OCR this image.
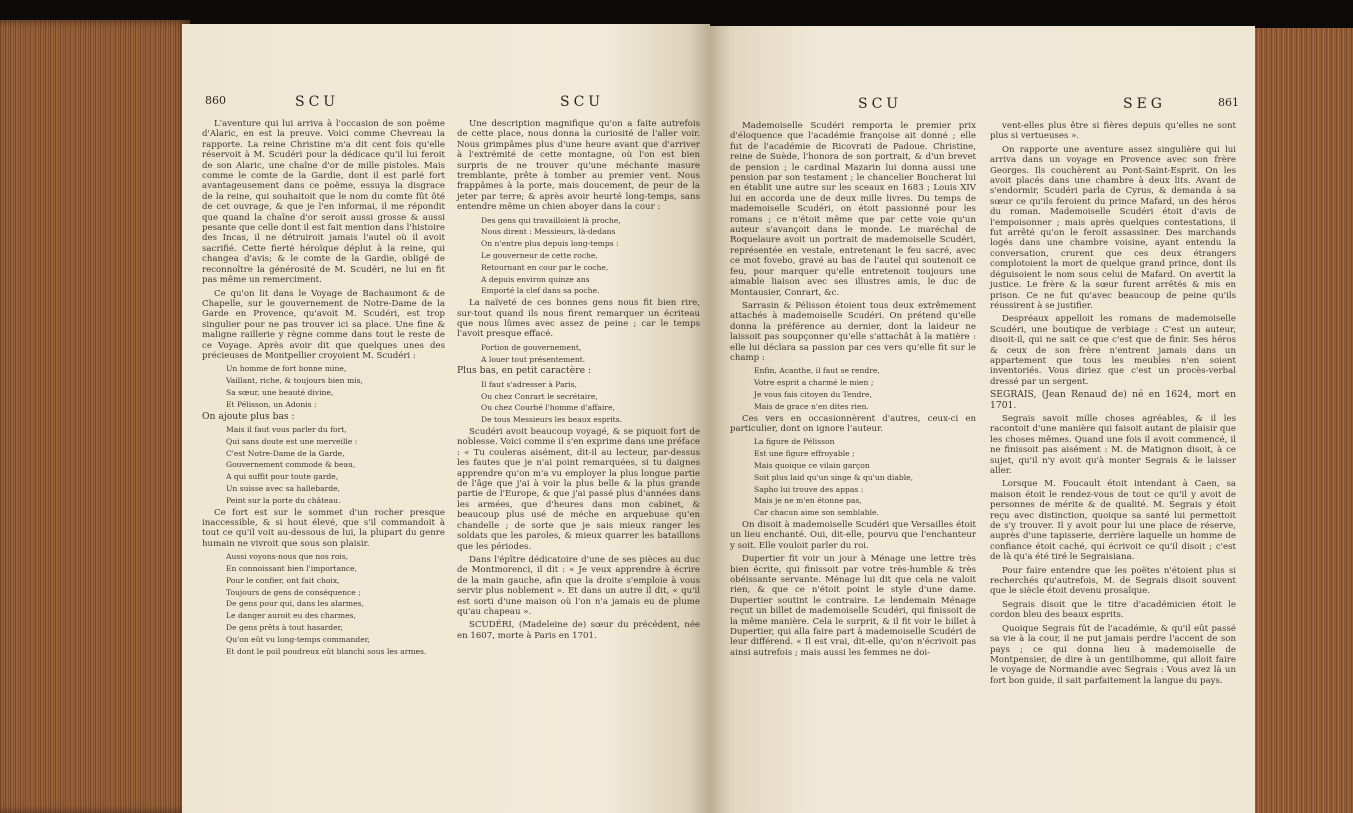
860	SCU	SCU

L'aventure qui lui arriva à l'occasion de son poëme d'Alaric, en est la preuve. Voici comme Chevreau la rapporte. La reine Christine m'a dit cent fois qu'elle réservoit à M. Scudéri pour la dédicace qu'il lui feroit de son Alaric, une chaîne d'or de mille pistoles. Mais comme le comte de la Gardie, dont il est parlé fort avantageusement dans ce poëme, essuya la disgrace de la reine, qui souhaitoit que le nom du comte fût ôté de cet ouvrage, & que je l'en informai, il me répondit que quand la chaîne d'or seroit aussi grosse & aussi pesante que celle dont il est fait mention dans l'histoire des Incas, il ne détruiroit jamais l'autel où il avoit sacrifié. Cette fierté héroïque déplut à la reine, qui changea d'avis; & le comte de la Gardie, obligé de reconnoître la générosité de M. Scudéri, ne lui en fit pas même un remerciment.

Ce qu'on lit dans le Voyage de Bachaumont & de Chapelle, sur le gouvernement de Notre-Dame de la Garde en Provence, qu'avoit M. Scudéri, est trop singulier pour ne pas trouver ici sa place. Une fine & maligne raillerie y règne comme dans tout le reste de ce Voyage. Après avoir dit que quelques unes des précieuses de Montpellier croyoient M. Scudéri :

Un homme de fort bonne mine,

Vaillant, riche, & toujours bien mis,

Sa sœur, une beauté divine,

Et Pélisson, un Adonis :

On ajoute plus bas :

Mais il faut vous parler du fort,

Qui sans doute est une merveille :

C'est Notre-Dame de la Garde,

Gouvernement commode & beau,

A qui suffit pour toute garde,

Un suisse avec sa hallebarde,

Peint sur la porte du château.

Ce fort est sur le sommet d'un rocher presque inaccessible, & si hout élevé, que s'il commandoit à tout ce qu'il voit au-dessous de lui, la plupart du genre humain ne vivroit que sous son plaisir.

Aussi voyons-nous que nos rois,

En connoissant bien l'importance,

Pour le confier, ont fait choix,

Toujours de gens de conséquence ;

De gens pour qui, dans les alarmes,

Le danger auroit eu des charmes,

De gens prêts à tout hasarder,

Qu'on eût vu long-temps commander,

Et dont le poil poudreux eût blanchi sous les armes.

Une description magnifique qu'on a faite autrefois de cette place, nous donna la curiosité de l'aller voir. Nous grimpâmes plus d'une heure avant que d'arriver à l'extrémité de cette montagne, où l'on est bien surpris de ne trouver qu'une méchante masure tremblante, prête à tomber au premier vent. Nous frappâmes à la porte, mais doucement, de peur de la jeter par terre; & après avoir heurté long-temps, sans entendre même un chien aboyer dans la cour :

Des gens qui travailloient là proche,

Nous dirent : Messieurs, là-dedans

On n'entre plus depuis long-temps :

Le gouverneur de cette roche,

Retournant en cour par le coche,

A depuis environ quinze ans

Emporté la clef dans sa poche.

La naïveté de ces bonnes gens nous fit bien rire, sur-tout quand ils nous firent remarquer un écriteau que nous lûmes avec assez de peine ; car le temps l'avoit presque effacé.

Portion de gouvernement,

A louer tout présentement.

Plus bas, en petit caractère :

Il faut s'adresser à Paris,

Ou chez Conrart le secrétaire,

Ou chez Courbé l'homme d'affaire,

De tous Messieurs les beaux esprits.

Scudéri avoit beaucoup voyagé, & se piquoit fort de noblesse. Voici comme il s'en exprime dans une préface : « Tu couleras aisément, dit-il au lecteur, par-dessus les fautes que je n'ai point remarquées, si tu daignes apprendre qu'on m'a vu employer la plus longue partie de l'âge que j'ai à voir la plus belle & la plus grande partie de l'Europe, & que j'ai passé plus d'années dans les armées, que d'heures dans mon cabinet, & beaucoup plus usé de méche en arquebuse qu'en chandelle ; de sorte que je sais mieux ranger les soldats que les paroles, & mieux quarrer les bataillons que les périodes.

Dans l'épître dédicatoire d'une de ses pièces au duc de Montmorenci, il dit : « Je veux apprendre à écrire de la main gauche, afin que la droite s'emploie à vous servir plus noblement ». Et dans un autre il dit, « qu'il est sorti d'une maison où l'on n'a jamais eu de plume qu'au chapeau ».

SCUDÉRI, (Madeleine de) sœur du précédent, née en 1607, morte à Paris en 1701.

SCU	SEG	861

Mademoiselle Scudéri remporta le premier prix d'éloquence que l'académie françoise ait donné ; elle fut de l'académie de Ricovrati de Padoue. Christine, reine de Suède, l'honora de son portrait, & d'un brevet de pension ; le cardinal Mazarin lui donna aussi une pension par son testament ; le chancelier Boucherat lui en établit une autre sur les sceaux en 1683 ; Louis XIV lui en accorda une de deux mille livres. Du temps de mademoiselle Scudéri, on étoit passionné pour les romans ; ce n'étoit même que par cette voie qu'un auteur s'avançoit dans le monde. Le maréchal de Roquelaure avoit un portrait de mademoiselle Scudéri, représentée en vestale, entretenant le feu sacré, avec ce mot fovebo, gravé au bas de l'autel qui soutenoit ce feu, pour marquer qu'elle entretenoit toujours une aimable liaison avec ses illustres amis, le duc de Montausier, Conrart, &c.

Sarrasin & Pélisson étoient tous deux extrêmement attachés à mademoiselle Scudéri. On prétend qu'elle donna la préférence au dernier, dont la laideur ne laissoit pas soupçonner qu'elle s'attachât à la matière : elle lui déclara sa passion par ces vers qu'elle fit sur le champ :

Enfin, Acanthe, il faut se rendre,

Votre esprit a charmé le mien ;

Je vous fais citoyen du Tendre,

Mais de grace n'en dites rien.

Ces vers en occasionnèrent d'autres, ceux-ci en particulier, dont on ignore l'auteur.

La figure de Pélisson

Est une figure effroyable ;

Mais quoique ce vilain garçon

Soit plus laid qu'un singe & qu'un diable,

Sapho lui trouve des appas :

Mais je ne m'en étonne pas,

Car chacun aime son semblable.

On disoit à mademoiselle Scudéri que Versailles étoit un lieu enchanté. Oui, dit-elle, pourvu que l'enchanteur y soit. Elle vouloit parler du roi.

Dupertier fit voir un jour à Ménage une lettre très bien écrite, qui finissoit par votre très-humble & très obéissante servante. Ménage lui dit que cela ne valoit rien, & que ce n'étoit point le style d'une dame. Dupertier soutint le contraire. Le lendemain Ménage reçut un billet de mademoiselle Scudéri, qui finissoit de la même manière. Cela le surprit, & il fit voir le billet à Dupertier, qui alla faire part à mademoiselle Scudéri de leur différend. « Il est vrai, dit-elle, qu'on n'écrivoit pas ainsi autrefois ; mais aussi les femmes ne doi-

vent-elles plus être si fières depuis qu'elles ne sont plus si vertueuses ».

On rapporte une aventure assez singulière qui lui arriva dans un voyage en Provence avec son frère Georges. Ils couchèrent au Pont-Saint-Esprit. On les avoit placés dans une chambre à deux lits. Avant de s'endormir, Scudéri parla de Cyrus, & demanda à sa sœur ce qu'ils feroient du prince Mafard, un des héros du roman. Mademoiselle Scudéri étoit d'avis de l'empoisonner ; mais après quelques contestations, il fut arrêté qu'on le feroit assassiner. Des marchands logés dans une chambre voisine, ayant entendu la conversation, crurent que ces deux étrangers complotoient la mort de quelque grand prince, dont ils déguisoient le nom sous celui de Mafard. On avertit la justice. Le frère & la sœur furent arrêtés & mis en prison. Ce ne fut qu'avec beaucoup de peine qu'ils réussirent à se justifier.

Despréaux appelloit les romans de mademoiselle Scudéri, une boutique de verbiage : C'est un auteur, disoit-il, qui ne sait ce que c'est que de finir. Ses héros & ceux de son frère n'entrent jamais dans un appartement que tous les meubles n'en soient inventoriés. Vous diriez que c'est un procès-verbal dressé par un sergent.

SEGRAIS, (Jean Renaud de) né en 1624, mort en 1701.

Segrais savoit mille choses agréables, & il les racontoit d'une manière qui faisoit autant de plaisir que les choses mêmes. Quand une fois il avoit commencé, il ne finissoit pas aisément : M. de Matignon disoit, à ce sujet, qu'il n'y avoit qu'à monter Segrais & le laisser aller.

Lorsque M. Foucault étoit intendant à Caen, sa maison étoit le rendez-vous de tout ce qu'il y avoit de personnes de mérite & de qualité. M. Segrais y étoit reçu avec distinction, quoique sa santé lui permettoit de s'y trouver. Il y avoit pour lui une place de réserve, auprès d'une tapisserie, derrière laquelle un homme de confiance étoit caché, qui écrivoit ce qu'il disoit ; c'est de là qu'a été tiré le Segraisiana.

Pour faire entendre que les poëtes n'étoient plus si recherchés qu'autrefois, M. de Segrais disoit souvent que le siècle étoit devenu prosaïque.

Segrais disoit que le titre d'académicien étoit le cordon bleu des beaux esprits.

Quoique Segrais fût de l'académie, & qu'il eût passé sa vie à la cour, il ne put jamais perdre l'accent de son pays ; ce qui donna lieu à mademoiselle de Montpensier, de dire à un gentilhomme, qui alloit faire le voyage de Normandie avec Segrais : Vous avez là un fort bon guide, il sait parfaitement la langue du pays.
